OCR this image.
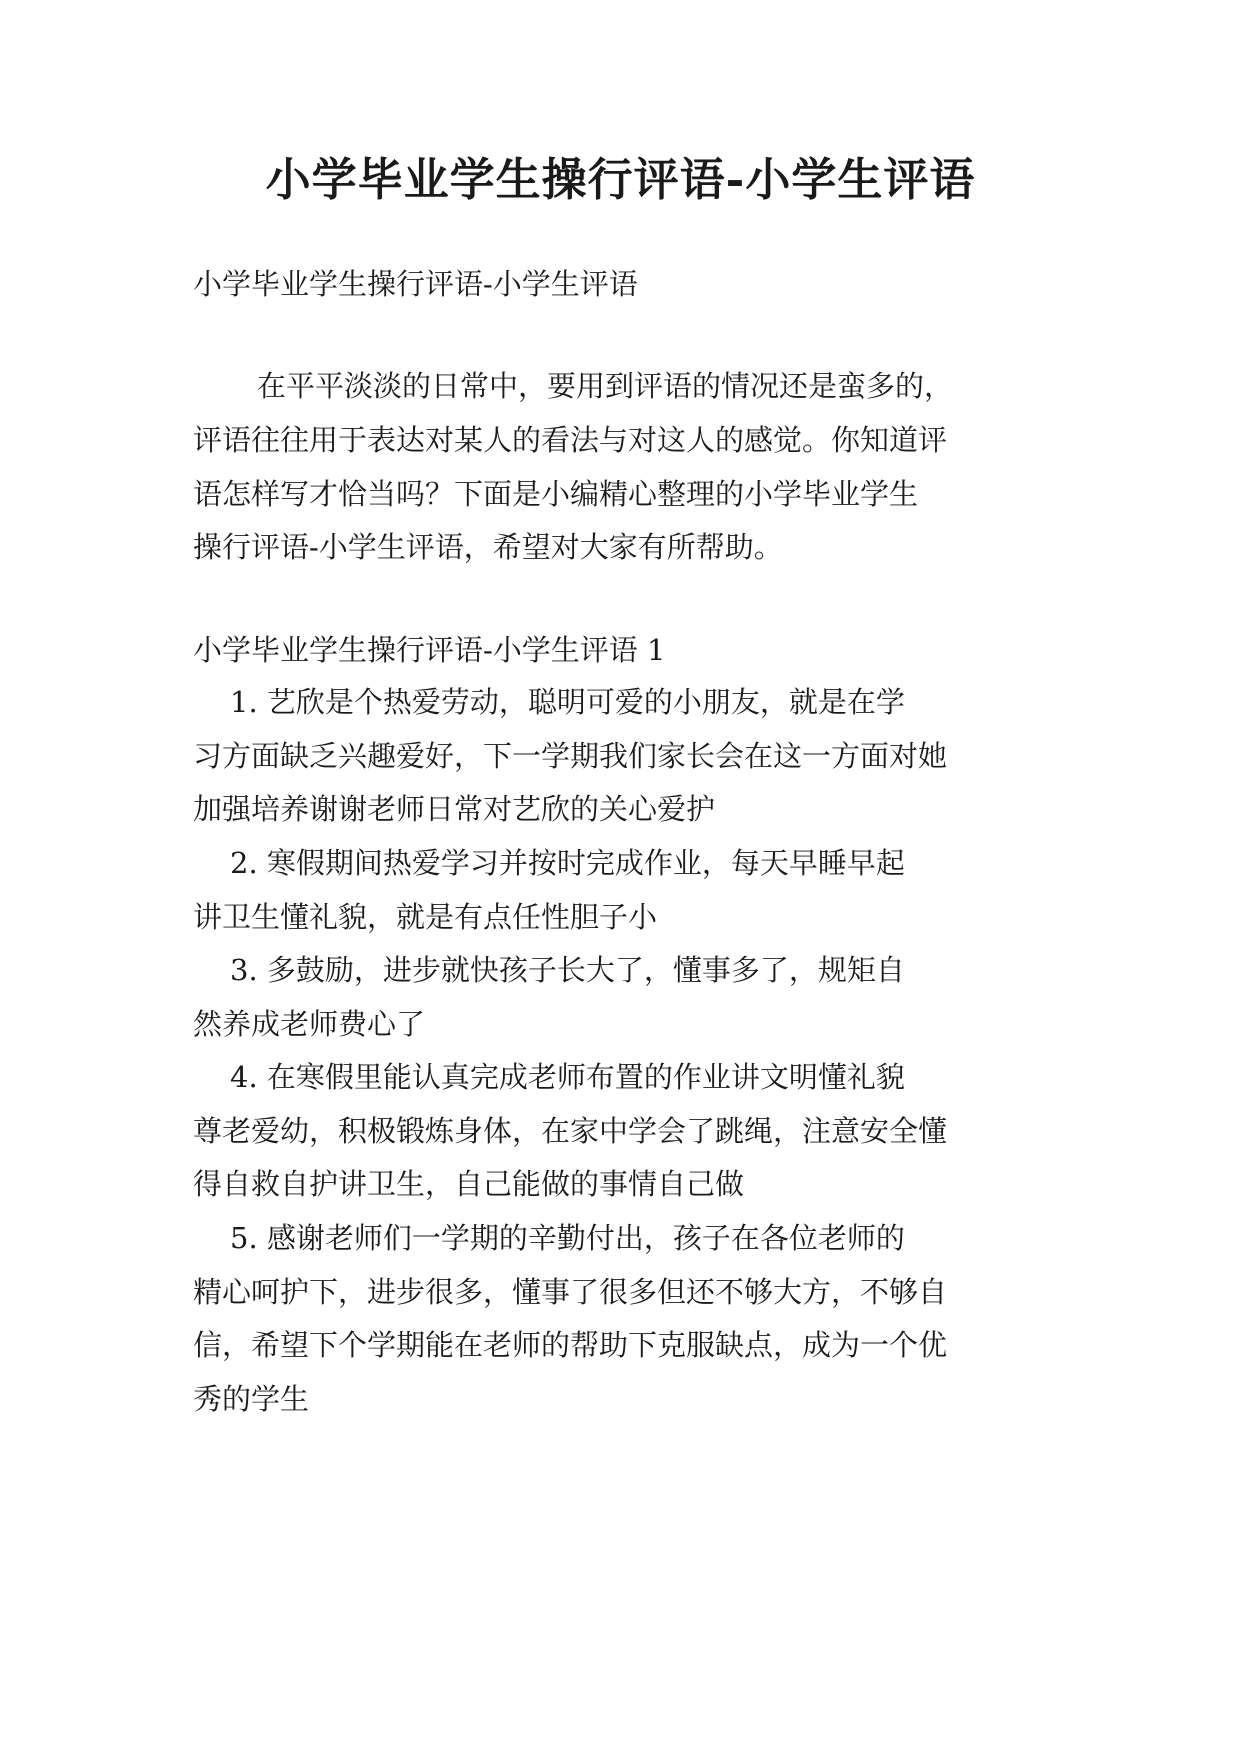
小学毕业学生操行评语-小学生评语

小学毕业学生操行评语-小学生评语

在平平淡淡的日常中，要用到评语的情况还是蛮多的，

评语往往用于表达对某人的看法与对这人的感觉。你知道评

语怎样写才恰当吗？下面是小编精心整理的小学毕业学生

操行评语-小学生评语，希望对大家有所帮助。

小学毕业学生操行评语-小学生评语 1

1. 艺欣是个热爱劳动，聪明可爱的小朋友，就是在学

习方面缺乏兴趣爱好，下一学期我们家长会在这一方面对她

加强培养谢谢老师日常对艺欣的关心爱护

2. 寒假期间热爱学习并按时完成作业，每天早睡早起

讲卫生懂礼貌，就是有点任性胆子小

3. 多鼓励，进步就快孩子长大了，懂事多了，规矩自

然养成老师费心了

4. 在寒假里能认真完成老师布置的作业讲文明懂礼貌

尊老爱幼，积极锻炼身体，在家中学会了跳绳，注意安全懂

得自救自护讲卫生，自己能做的事情自己做

5. 感谢老师们一学期的辛勤付出，孩子在各位老师的

精心呵护下，进步很多，懂事了很多但还不够大方，不够自

信，希望下个学期能在老师的帮助下克服缺点，成为一个优

秀的学生
